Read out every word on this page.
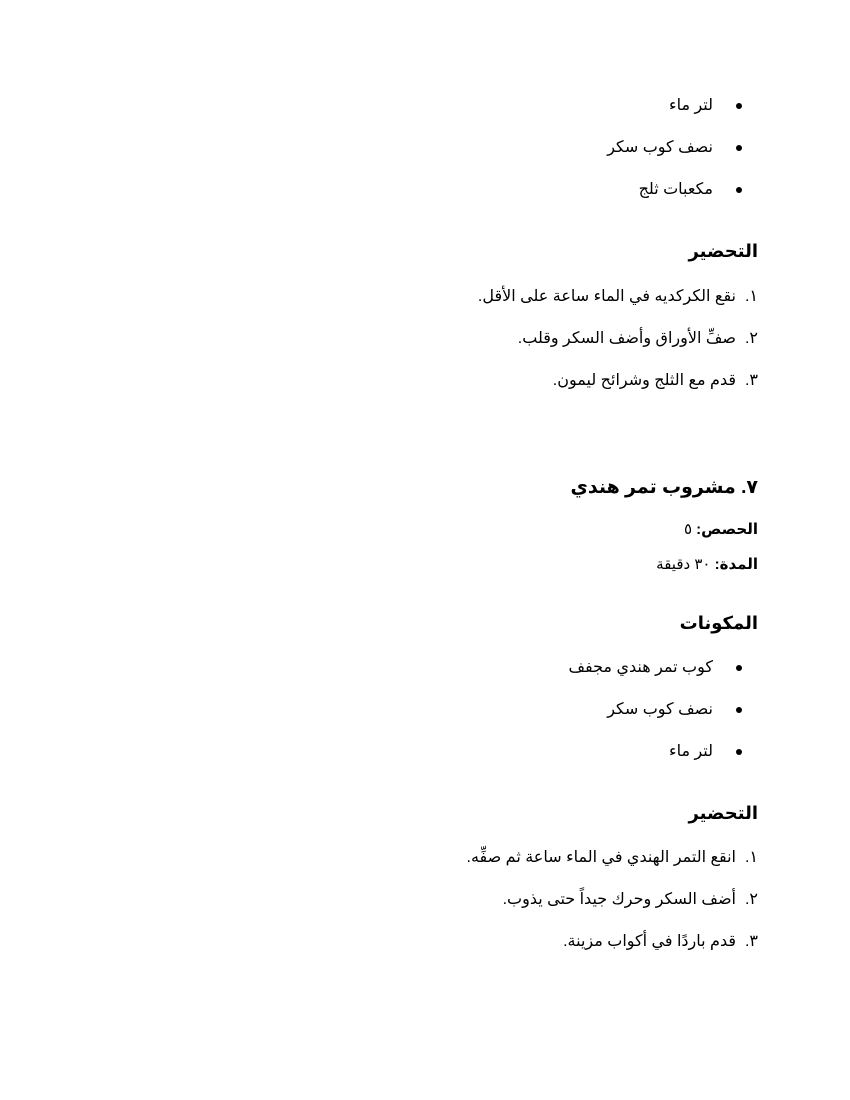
لتر ماء
نصف كوب سكر
مكعبات ثلج
التحضير
١.
نقع الكركديه في الماء ساعة على الأقل.
٢.
صفِّ الأوراق وأضف السكر وقلب.
٣.
قدم مع الثلج وشرائح ليمون.
٧. مشروب تمر هندي

الحصص: ٥

المدة: ٣٠ دقيقة

المكونات
كوب تمر هندي مجفف
نصف كوب سكر
لتر ماء
التحضير
١.
انقع التمر الهندي في الماء ساعة ثم صفِّه.
٢.
أضف السكر وحرك جيداً حتى يذوب.
٣.
قدم باردًا في أكواب مزينة.
